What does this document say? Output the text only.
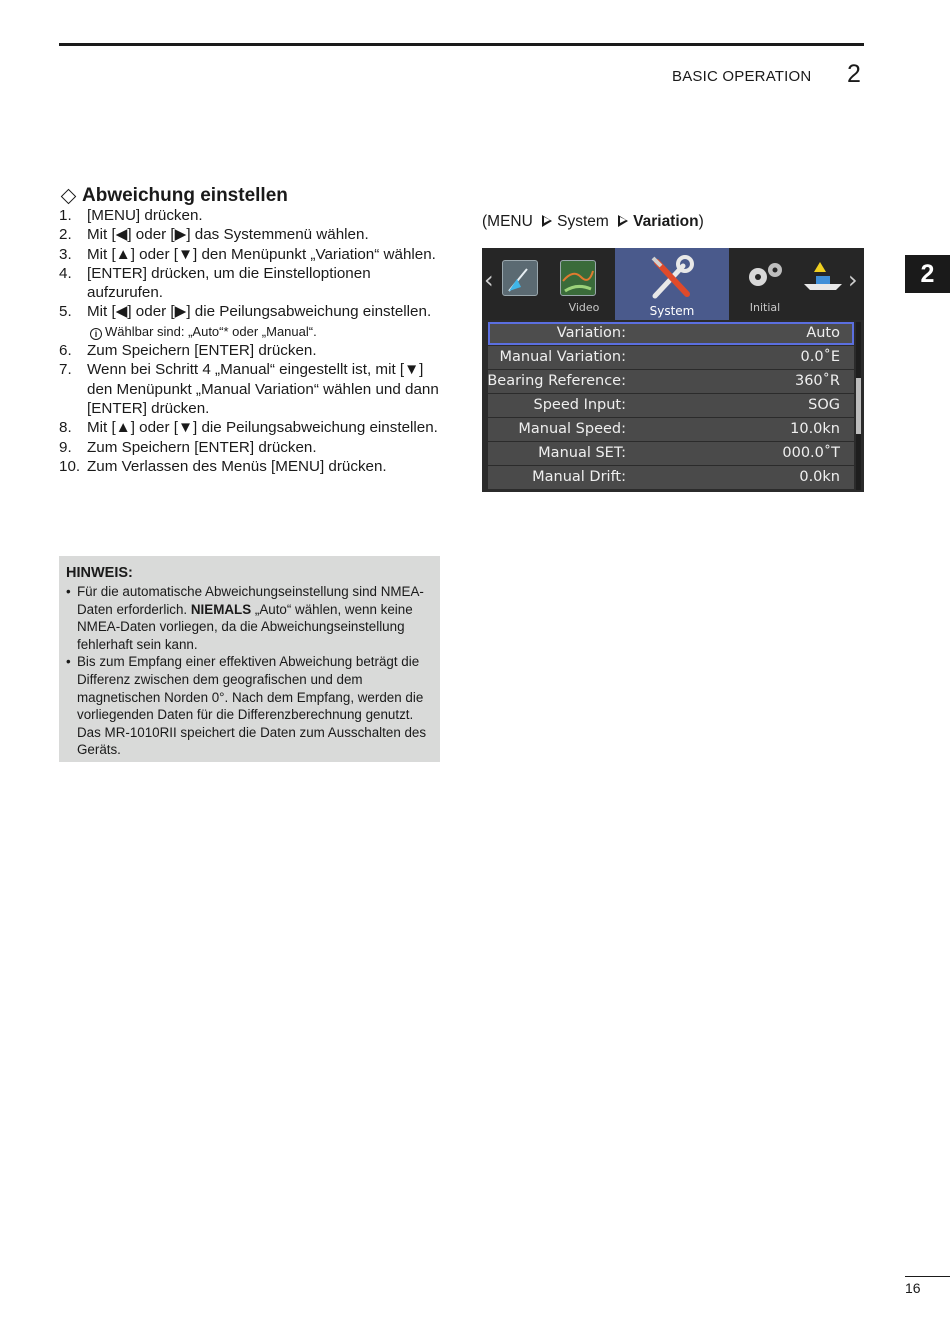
BASIC OPERATION 2
2
Abweichung einstellen
1.	[MENU] drücken.
2.	Mit [◀] oder [▶] das Systemmenü wählen.
3.	Mit [▲] oder [▼] den Menüpunkt „Variation“ wählen.
4.	[ENTER] drücken, um die Einstelloptionen aufzurufen.
5.	Mit [◀] oder [▶] die Peilungsabweichung einstellen.
i Wählbar sind: „Auto“* oder „Manual“.
6.	Zum Speichern [ENTER] drücken.
7.	Wenn bei Schritt 4 „Manual“ eingestellt ist, mit [▼] den Menüpunkt „Manual Variation“ wählen und dann [ENTER] drücken.
8.	Mit [▲] oder [▼] die Peilungsabweichung einstellen.
9.	Zum Speichern [ENTER] drücken.
10. Zum Verlassen des Menüs [MENU] drücken.
HINWEIS:
• Für die automatische Abweichungseinstellung sind NMEA-Daten erforderlich. NIEMALS „Auto“ wählen, wenn keine NMEA-Daten vorliegen, da die Abweichungseinstellung fehlerhaft sein kann.
• Bis zum Empfang einer effektiven Abweichung beträgt die Differenz zwischen dem geografischen und dem magnetischen Norden 0°. Nach dem Empfang, werden die vorliegenden Daten für die Differenzberechnung genutzt. Das MR-1010RII speichert die Daten zum Ausschalten des Geräts.
(MENU System Variation)
‹	›
Video	System	Initial
Variation:	Auto
Manual Variation:	0.0˚E
Bearing Reference:	360˚R
Speed Input:	SOG
Manual Speed:	10.0kn
Manual SET:	000.0˚T
Manual Drift:	0.0kn
16
